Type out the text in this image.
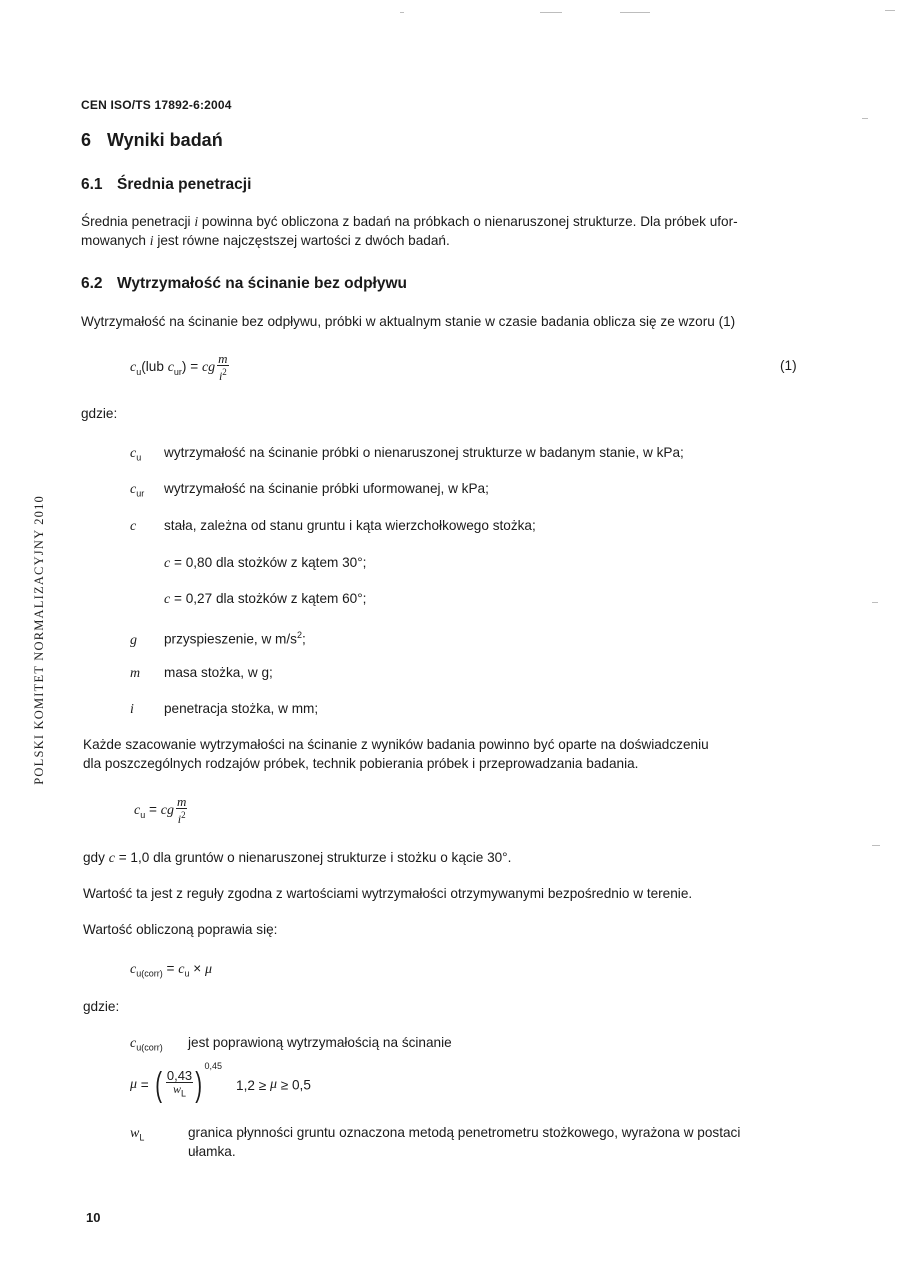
CEN ISO/TS 17892-6:2004
POLSKI KOMITET NORMALIZACYJNY 2010
6 Wyniki badań
6.1 Średnia penetracji
Średnia penetracji i powinna być obliczona z badań na próbkach o nienaruszonej strukturze. Dla próbek ufor-
mowanych i jest równe najczęstszej wartości z dwóch badań.
6.2 Wytrzymałość na ścinanie bez odpływu
Wytrzymałość na ścinanie bez odpływu, próbki w aktualnym stanie w czasie badania oblicza się ze wzoru (1)
$c_u(lub$ $c_{ur}$) = cg $\frac{m}{i^2}$	(1)
gdzie:
$c_u$ wytrzymałość na ścinanie próbki o nienaruszonej strukturze w badanym stanie, w kPa;
$c_{ur}$ wytrzymałość na ścinanie próbki uformowanej, w kPa;
c stała, zależna od stanu gruntu i kąta wierzchołkowego stożka;
c = 0,80 dla stożków z kątem 30°;
c = 0,27 dla stożków z kątem 60°;
g przyspieszenie, w $m/s^2$;
m masa stożka, w g;
i penetracja stożka, w mm;
Każde szacowanie wytrzymałości na ścinanie z wyników badania powinno być oparte na doświadczeniu
dla poszczególnych rodzajów próbek, technik pobierania próbek i przeprowadzania badania.
$c_u$ = cg $\frac{m}{i^2}$
gdy c = 1,0 dla gruntów o nienaruszonej strukturze i stożku o kącie 30°.
Wartość ta jest z reguły zgodna z wartościami wytrzymałości otrzymywanymi bezpośrednio w terenie.
Wartość obliczoną poprawia się:
$c_{u(corr)} = c_u \times \mu$
gdzie:
$c_{u(corr)}$ jest poprawioną wytrzymałością na ścinanie
μ = ( $\frac{0,43}{w_L}$ ) $^{0,45}$1,2 ≥ μ ≥ 0,5
$w_L$	granica płynności gruntu oznaczona metodą penetrometru stożkowego, wyrażona w postaci
ułamka.
10
